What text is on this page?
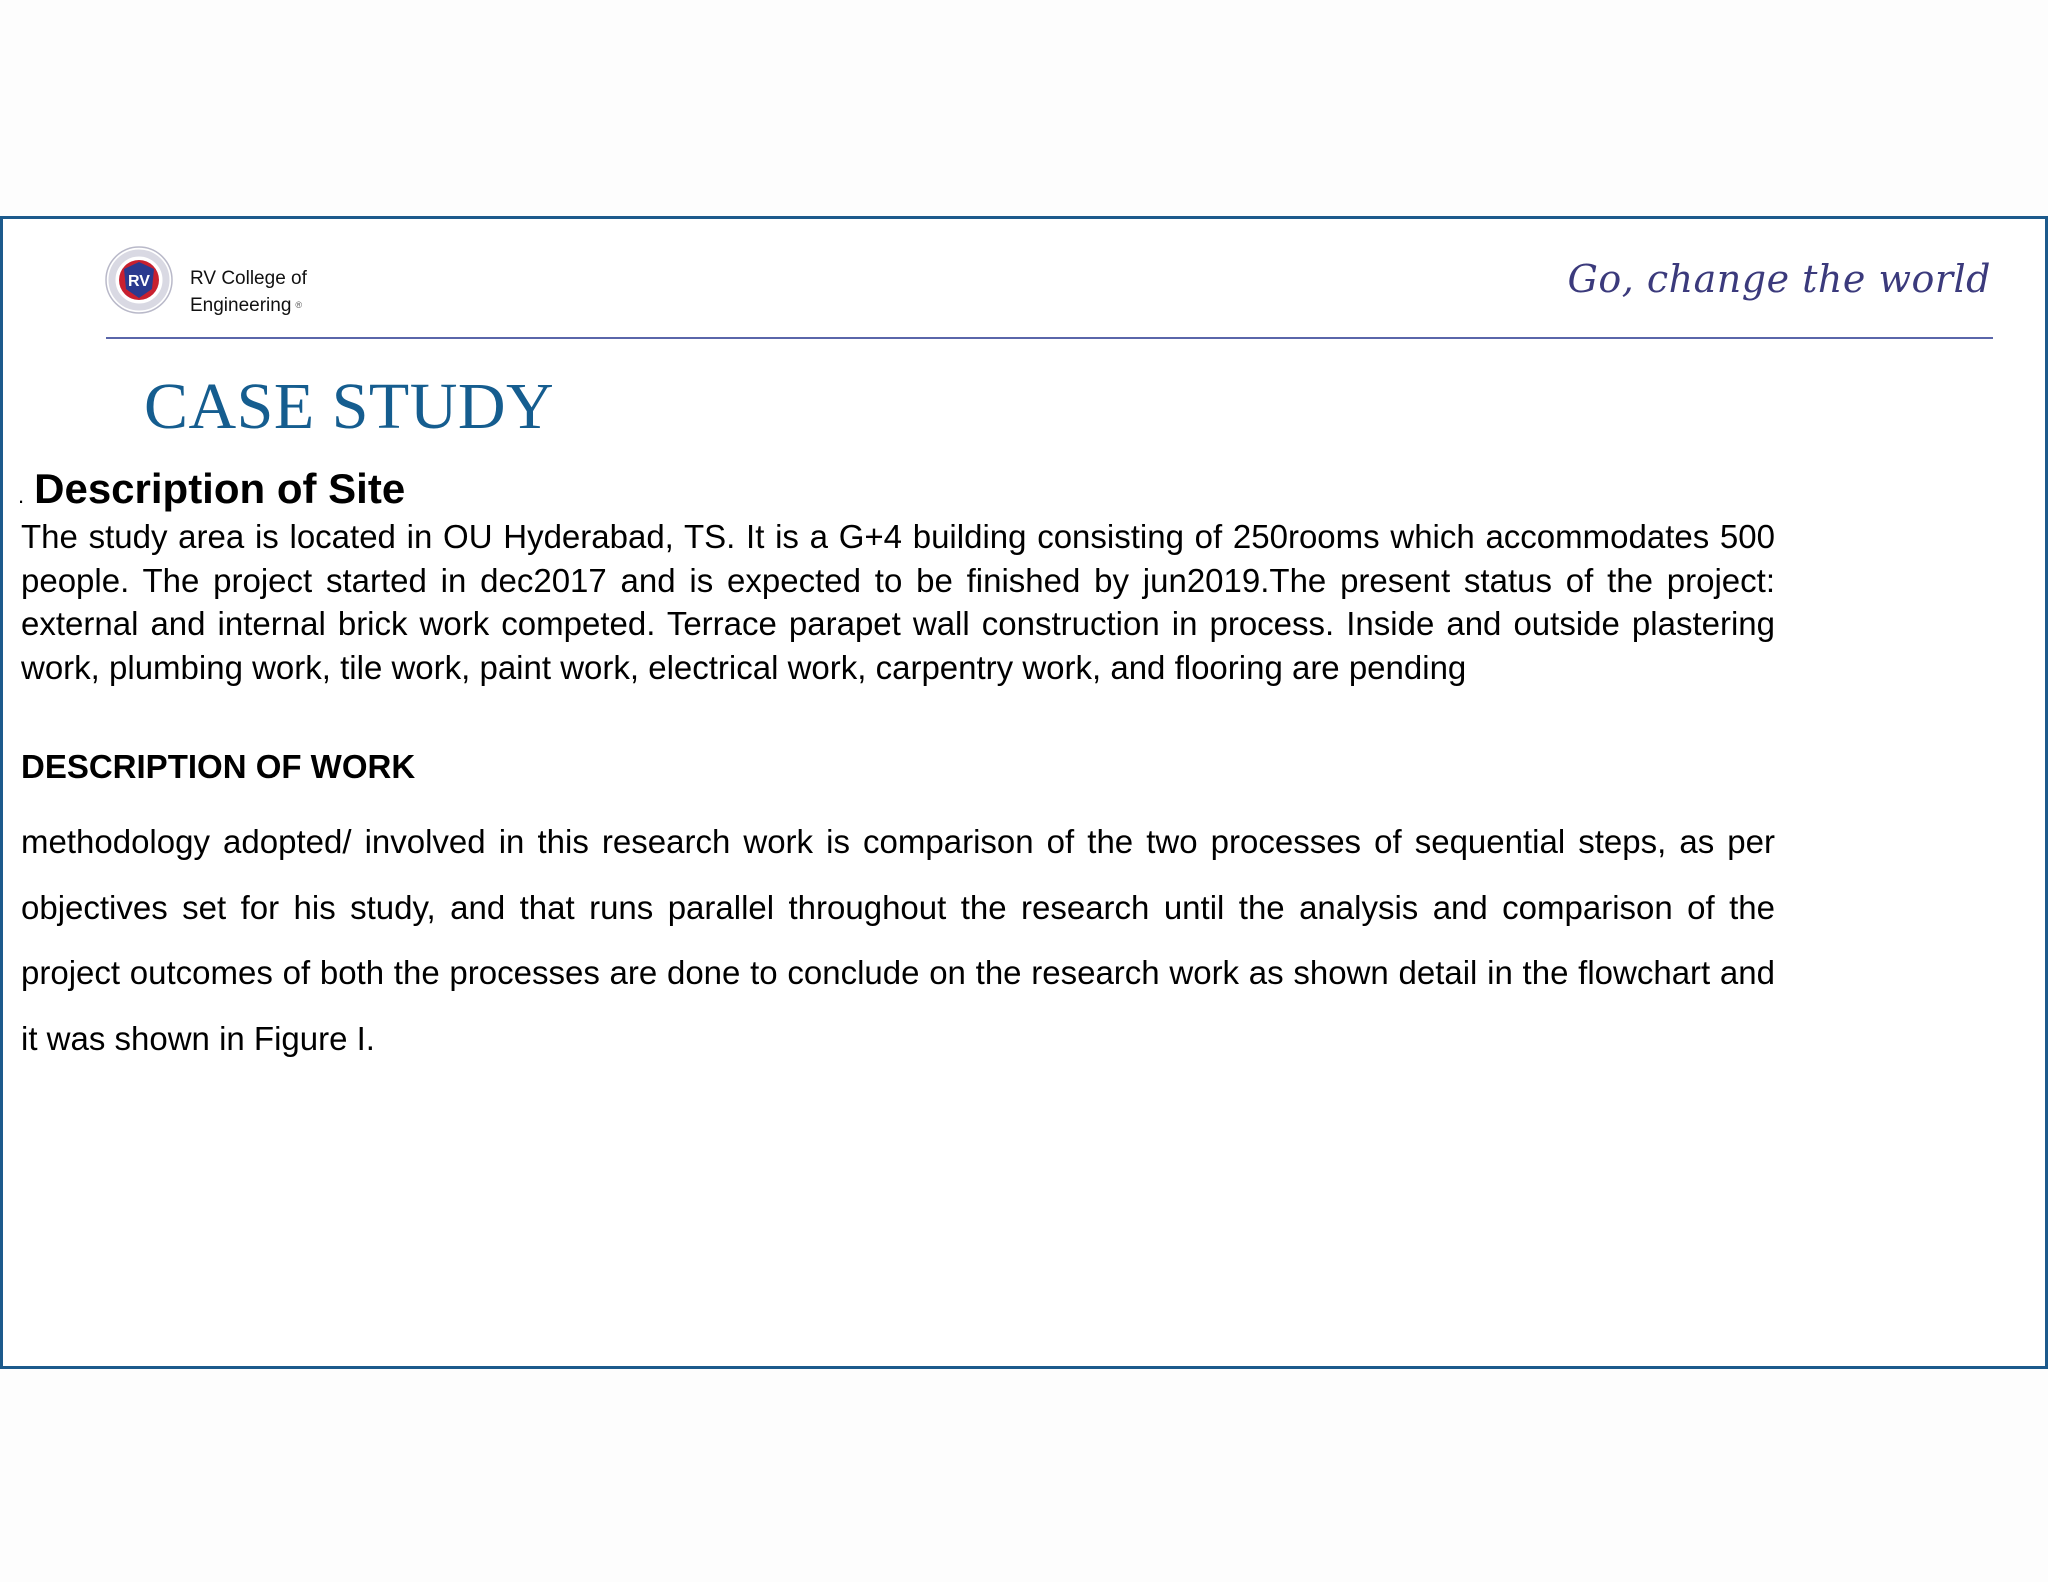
RV RV College of
Engineering ®
Go, change the world
CASE STUDY
. Description of Site
The study area is located in OU Hyderabad, TS. It is a G+4 building consisting of 250rooms which accommodates 500 people. The project started in dec2017 and is expected to be finished by jun2019.The present status of the project: external and internal brick work competed. Terrace parapet wall construction in process. Inside and outside plastering work, plumbing work, tile work, paint work, electrical work, carpentry work, and flooring are pending
DESCRIPTION OF WORK
methodology adopted/ involved in this research work is comparison of the two processes of sequential steps, as per objectives set for his study, and that runs parallel throughout the research until the analysis and comparison of the project outcomes of both the processes are done to conclude on the research work as shown detail in the flowchart and it was shown in Figure I.
